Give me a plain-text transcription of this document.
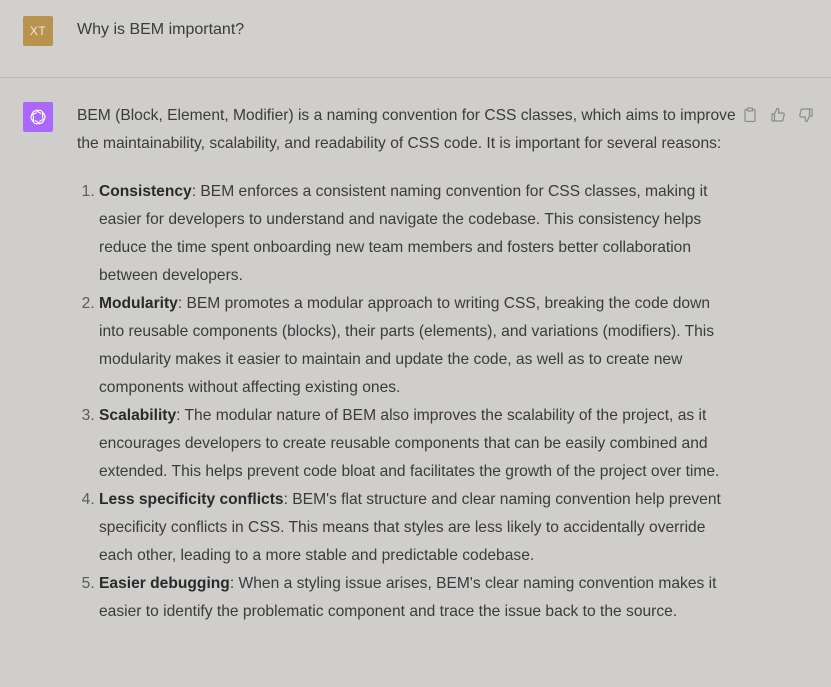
XT	Why is BEM important?

BEM (Block, Element, Modifier) is a naming convention for CSS classes, which aims to improve the maintainability, scalability, and readability of CSS code. It is important for several reasons:

1. Consistency: BEM enforces a consistent naming convention for CSS classes, making it easier for developers to understand and navigate the codebase. This consistency helps reduce the time spent onboarding new team members and fosters better collaboration between developers.
2. Modularity: BEM promotes a modular approach to writing CSS, breaking the code down into reusable components (blocks), their parts (elements), and variations (modifiers). This modularity makes it easier to maintain and update the code, as well as to create new components without affecting existing ones.
3. Scalability: The modular nature of BEM also improves the scalability of the project, as it encourages developers to create reusable components that can be easily combined and extended. This helps prevent code bloat and facilitates the growth of the project over time.
4. Less specificity conflicts: BEM's flat structure and clear naming convention help prevent specificity conflicts in CSS. This means that styles are less likely to accidentally override each other, leading to a more stable and predictable codebase.
5. Easier debugging: When a styling issue arises, BEM's clear naming convention makes it easier to identify the problematic component and trace the issue back to the source.
